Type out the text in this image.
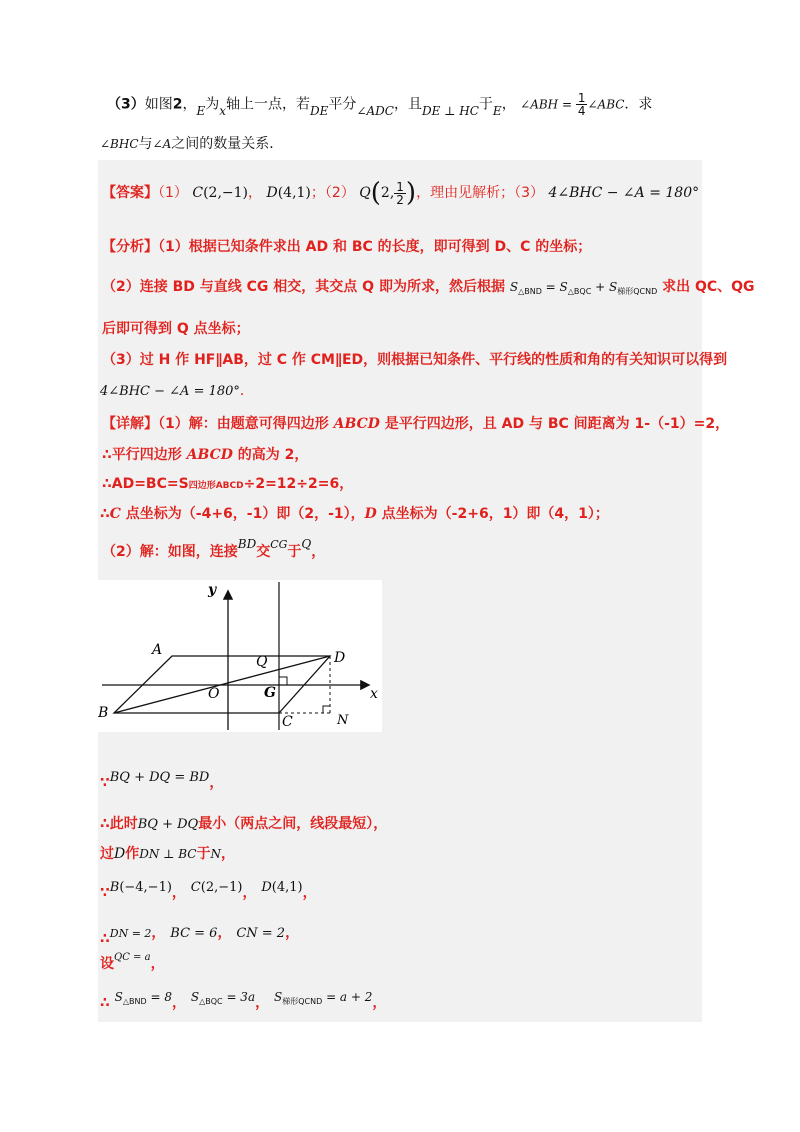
（3）如图2，E为x轴上一点，若DE平分∠ADC，且DE ⊥ HC于E， ∠ABH = $\frac{1}{4}$ ∠ABC．求
∠BHC与∠A之间的数量关系．
【答案】（1） C(2,−1)， D(4,1)；（2） Q(2, $\frac{1}{2}$ )，理由见解析；（3） 4∠BHC − ∠A = 180°
【分析】（1）根据已知条件求出 AD 和 BC 的长度，即可得到 D、C 的坐标；
（2）连接 BD 与直线 CG 相交，其交点 Q 即为所求，然后根据 $S_{\triangle BND} = S_{\triangle BQC} + S_{梯形QCND}$ 求出 QC、QG
后即可得到 Q 点坐标；
（3）过 H 作 HF∥AB，过 C 作 CM∥ED，则根据已知条件、平行线的性质和角的有关知识可以得到
4∠BHC − ∠A = 180°．
【详解】（1）解：由题意可得四边形 ABCD 是平行四边形，且 AD 与 BC 间距离为 1-（-1）=2，
∴平行四边形 ABCD 的高为 2，
∴AD=BC=S四边形ABCD÷2=12÷2=6，
∴C 点坐标为（-4+6，-1）即（2，-1），D 点坐标为（-2+6，1）即（4，1）；
（2）解：如图，连接BD交$^{CG}$于Q，
y
x
A
B
O
Q
G
D
C	N
∵BQ + DQ = BD，
∴此时BQ + DQ最小（两点之间，线段最短），
过D作DN ⊥ BC于N，
∵B(−4,−1)， C(2,−1)， D(4,1)，
∴DN = 2， BC = 6， CN = 2，
设$^{QC = a}$，
∴ $S_{\triangle BND} = 8$， $S_{\triangle BQC} = 3a$， $S_{梯形QCND} = a + 2$，
